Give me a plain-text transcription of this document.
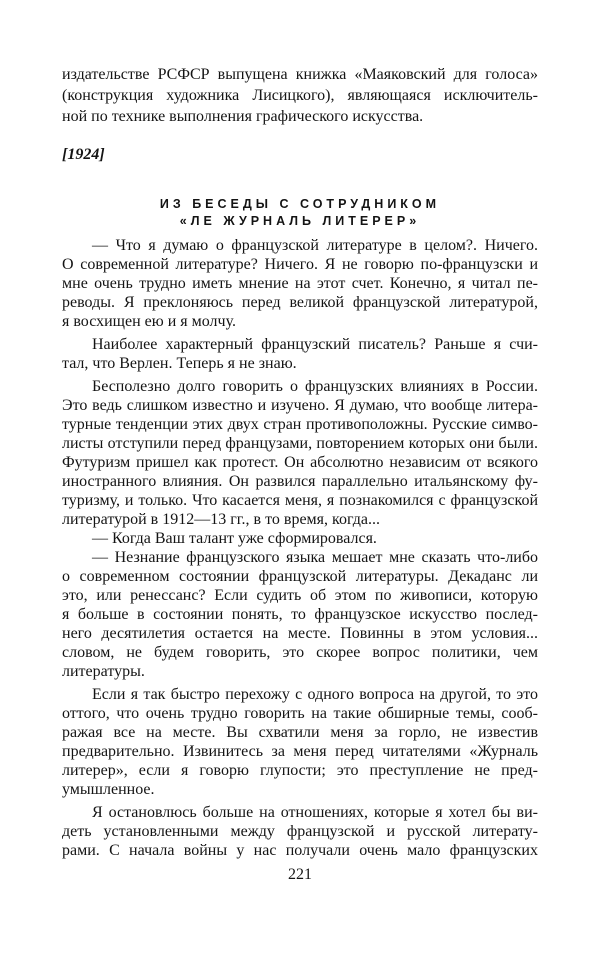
издательстве РСФСР выпущена книжка «Маяковский для голоса»
(конструкция художника Лисицкого), являющаяся исключитель-
ной по технике выполнения графического искусства.
[1924]
ИЗ БЕСЕДЫ С СОТРУДНИКОМ
«ЛЕ ЖУРНАЛЬ ЛИТЕРЕР»
— Что я думаю о французской литературе в целом?. Ничего.
О современной литературе? Ничего. Я не говорю по-французски и
мне очень трудно иметь мнение на этот счет. Конечно, я читал пе-
реводы. Я преклоняюсь перед великой французской литературой,
я восхищен ею и я молчу.
Наиболее характерный французский писатель? Раньше я счи-
тал, что Верлен. Теперь я не знаю.
Бесполезно долго говорить о французских влияниях в России.
Это ведь слишком известно и изучено. Я думаю, что вообще литера-
турные тенденции этих двух стран противоположны. Русские симво-
листы отступили перед французами, повторением которых они были.
Футуризм пришел как протест. Он абсолютно независим от всякого
иностранного влияния. Он развился параллельно итальянскому фу-
туризму, и только. Что касается меня, я познакомился с французской
литературой в 1912—13 гг., в то время, когда...
— Когда Ваш талант уже сформировался.
— Незнание французского языка мешает мне сказать что-либо
о современном состоянии французской литературы. Декаданс ли
это, или ренессанс? Если судить об этом по живописи, которую
я больше в состоянии понять, то французское искусство послед-
него десятилетия остается на месте. Повинны в этом условия...
словом, не будем говорить, это скорее вопрос политики, чем
литературы.
Если я так быстро перехожу с одного вопроса на другой, то это
оттого, что очень трудно говорить на такие обширные темы, сооб-
ражая все на месте. Вы схватили меня за горло, не известив
предварительно. Извинитесь за меня перед читателями «Журналь
литерер», если я говорю глупости; это преступление не пред-
умышленное.
Я остановлюсь больше на отношениях, которые я хотел бы ви-
деть установленными между французской и русской литерату-
рами. С начала войны у нас получали очень мало французских
221
